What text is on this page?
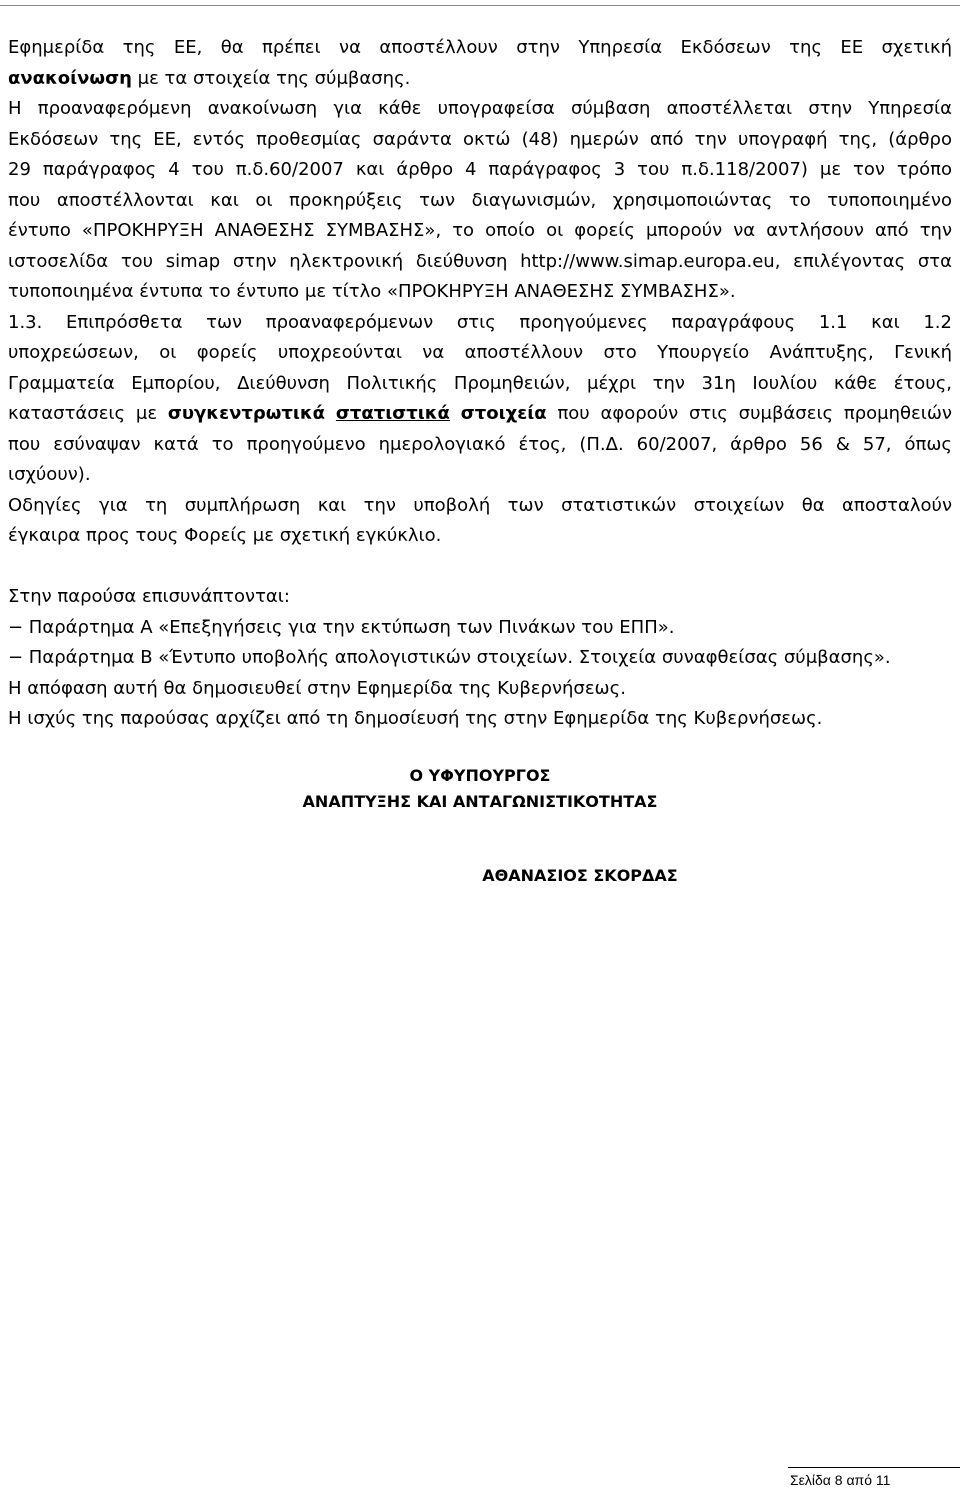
Εφημερίδα της ΕΕ, θα πρέπει να αποστέλλουν στην Υπηρεσία Εκδόσεων της ΕΕ σχετική
ανακοίνωση με τα στοιχεία της σύμβασης.
Η προαναφερόμενη ανακοίνωση για κάθε υπογραφείσα σύμβαση αποστέλλεται στην Υπηρεσία
Εκδόσεων της ΕΕ, εντός προθεσμίας σαράντα οκτώ (48) ημερών από την υπογραφή της, (άρθρο
29 παράγραφος 4 του π.δ.60/2007 και άρθρο 4 παράγραφος 3 του π.δ.118/2007) με τον τρόπο
που αποστέλλονται και οι προκηρύξεις των διαγωνισμών, χρησιμοποιώντας το τυποποιημένο
έντυπο «ΠΡΟΚΗΡΥΞΗ ΑΝΑΘΕΣΗΣ ΣΥΜΒΑΣΗΣ», το οποίο οι φορείς μπορούν να αντλήσουν από την
ιστοσελίδα του simap στην ηλεκτρονική διεύθυνση http://www.simap.europa.eu, επιλέγοντας στα
τυποποιημένα έντυπα το έντυπο με τίτλο «ΠΡΟΚΗΡΥΞΗ ΑΝΑΘΕΣΗΣ ΣΥΜΒΑΣΗΣ».
1.3. Επιπρόσθετα των προαναφερόμενων στις προηγούμενες παραγράφους 1.1 και 1.2
υποχρεώσεων, οι φορείς υποχρεούνται να αποστέλλουν στο Υπουργείο Ανάπτυξης, Γενική
Γραμματεία Εμπορίου, Διεύθυνση Πολιτικής Προμηθειών, μέχρι την 31η Ιουλίου κάθε έτους,
καταστάσεις με συγκεντρωτικά στατιστικά στοιχεία που αφορούν στις συμβάσεις προμηθειών
που εσύναψαν κατά το προηγούμενο ημερολογιακό έτος, (Π.Δ. 60/2007, άρθρο 56 & 57, όπως
ισχύουν).
Οδηγίες για τη συμπλήρωση και την υποβολή των στατιστικών στοιχείων θα αποσταλούν
έγκαιρα προς τους Φορείς με σχετική εγκύκλιο.
Στην παρούσα επισυνάπτονται:
− Παράρτημα Α «Επεξηγήσεις για την εκτύπωση των Πινάκων του ΕΠΠ».
− Παράρτημα Β «Έντυπο υποβολής απολογιστικών στοιχείων. Στοιχεία συναφθείσας σύμβασης».
Η απόφαση αυτή θα δημοσιευθεί στην Εφημερίδα της Κυβερνήσεως.
Η ισχύς της παρούσας αρχίζει από τη δημοσίευσή της στην Εφημερίδα της Κυβερνήσεως.
Ο ΥΦΥΠΟΥΡΓΟΣ
ΑΝΑΠΤΥΞΗΣ ΚΑΙ ΑΝΤΑΓΩΝΙΣΤΙΚΟΤΗΤΑΣ
ΑΘΑΝΑΣΙΟΣ ΣΚΟΡΔΑΣ
Σελίδα 8 από 11
